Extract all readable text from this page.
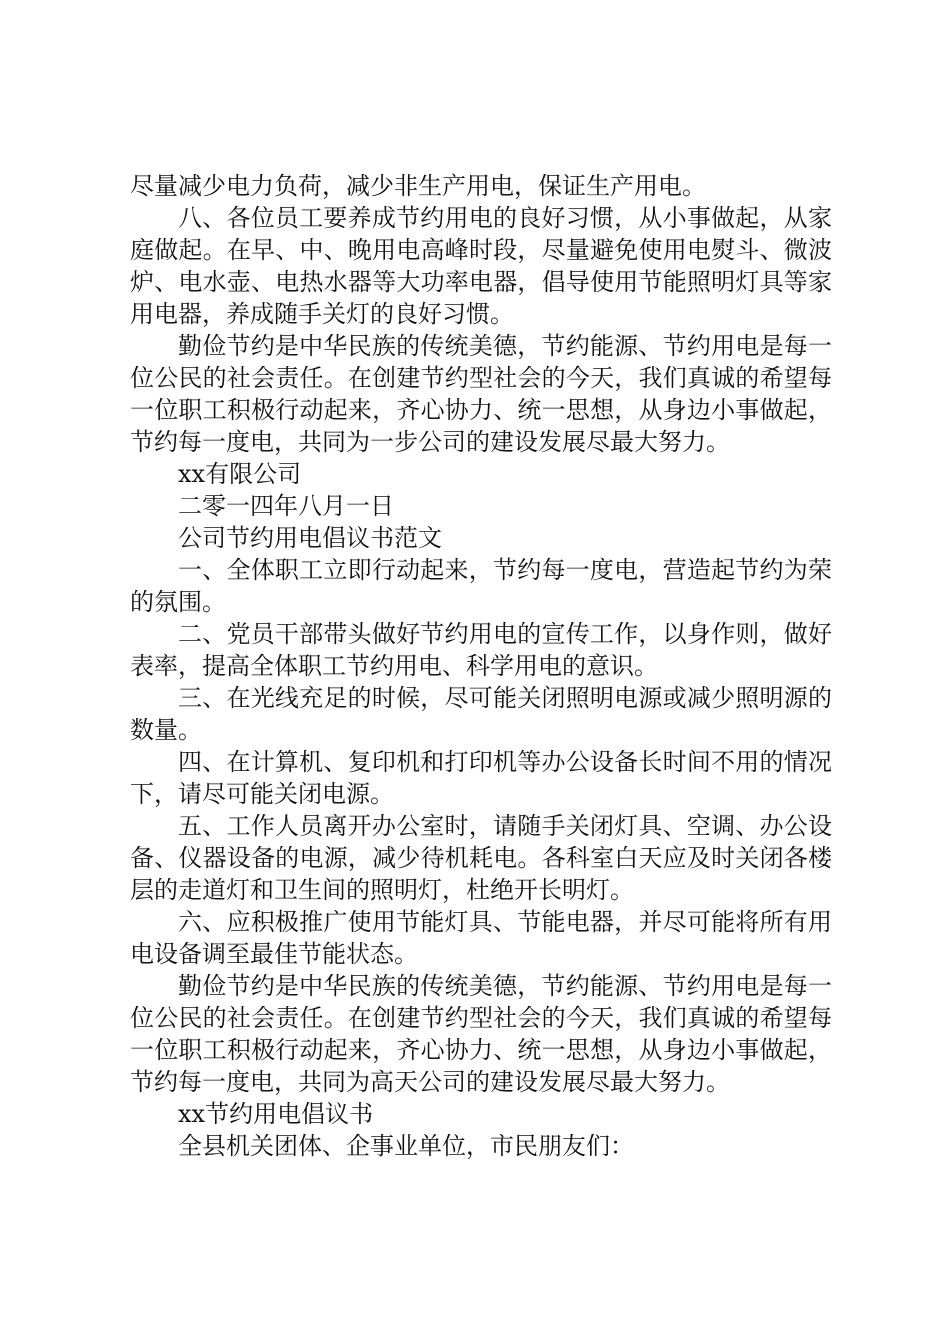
尽量减少电力负荷，减少非生产用电，保证生产用电。

八、各位员工要养成节约用电的良好习惯，从小事做起，从家庭做起。在早、中、晚用电高峰时段，尽量避免使用电熨斗、微波炉、电水壶、电热水器等大功率电器，倡导使用节能照明灯具等家用电器，养成随手关灯的良好习惯。

勤俭节约是中华民族的传统美德，节约能源、节约用电是每一位公民的社会责任。在创建节约型社会的今天，我们真诚的希望每一位职工积极行动起来，齐心协力、统一思想，从身边小事做起，节约每一度电，共同为一步公司的建设发展尽最大努力。

xx有限公司

二零一四年八月一日

公司节约用电倡议书范文

一、全体职工立即行动起来，节约每一度电，营造起节约为荣的氛围。

二、党员干部带头做好节约用电的宣传工作，以身作则，做好表率，提高全体职工节约用电、科学用电的意识。

三、在光线充足的时候，尽可能关闭照明电源或减少照明源的数量。

四、在计算机、复印机和打印机等办公设备长时间不用的情况下，请尽可能关闭电源。

五、工作人员离开办公室时，请随手关闭灯具、空调、办公设备、仪器设备的电源，减少待机耗电。各科室白天应及时关闭各楼层的走道灯和卫生间的照明灯，杜绝开长明灯。

六、应积极推广使用节能灯具、节能电器，并尽可能将所有用电设备调至最佳节能状态。

勤俭节约是中华民族的传统美德，节约能源、节约用电是每一位公民的社会责任。在创建节约型社会的今天，我们真诚的希望每一位职工积极行动起来，齐心协力、统一思想，从身边小事做起，节约每一度电，共同为高天公司的建设发展尽最大努力。

xx节约用电倡议书

全县机关团体、企事业单位，市民朋友们：
